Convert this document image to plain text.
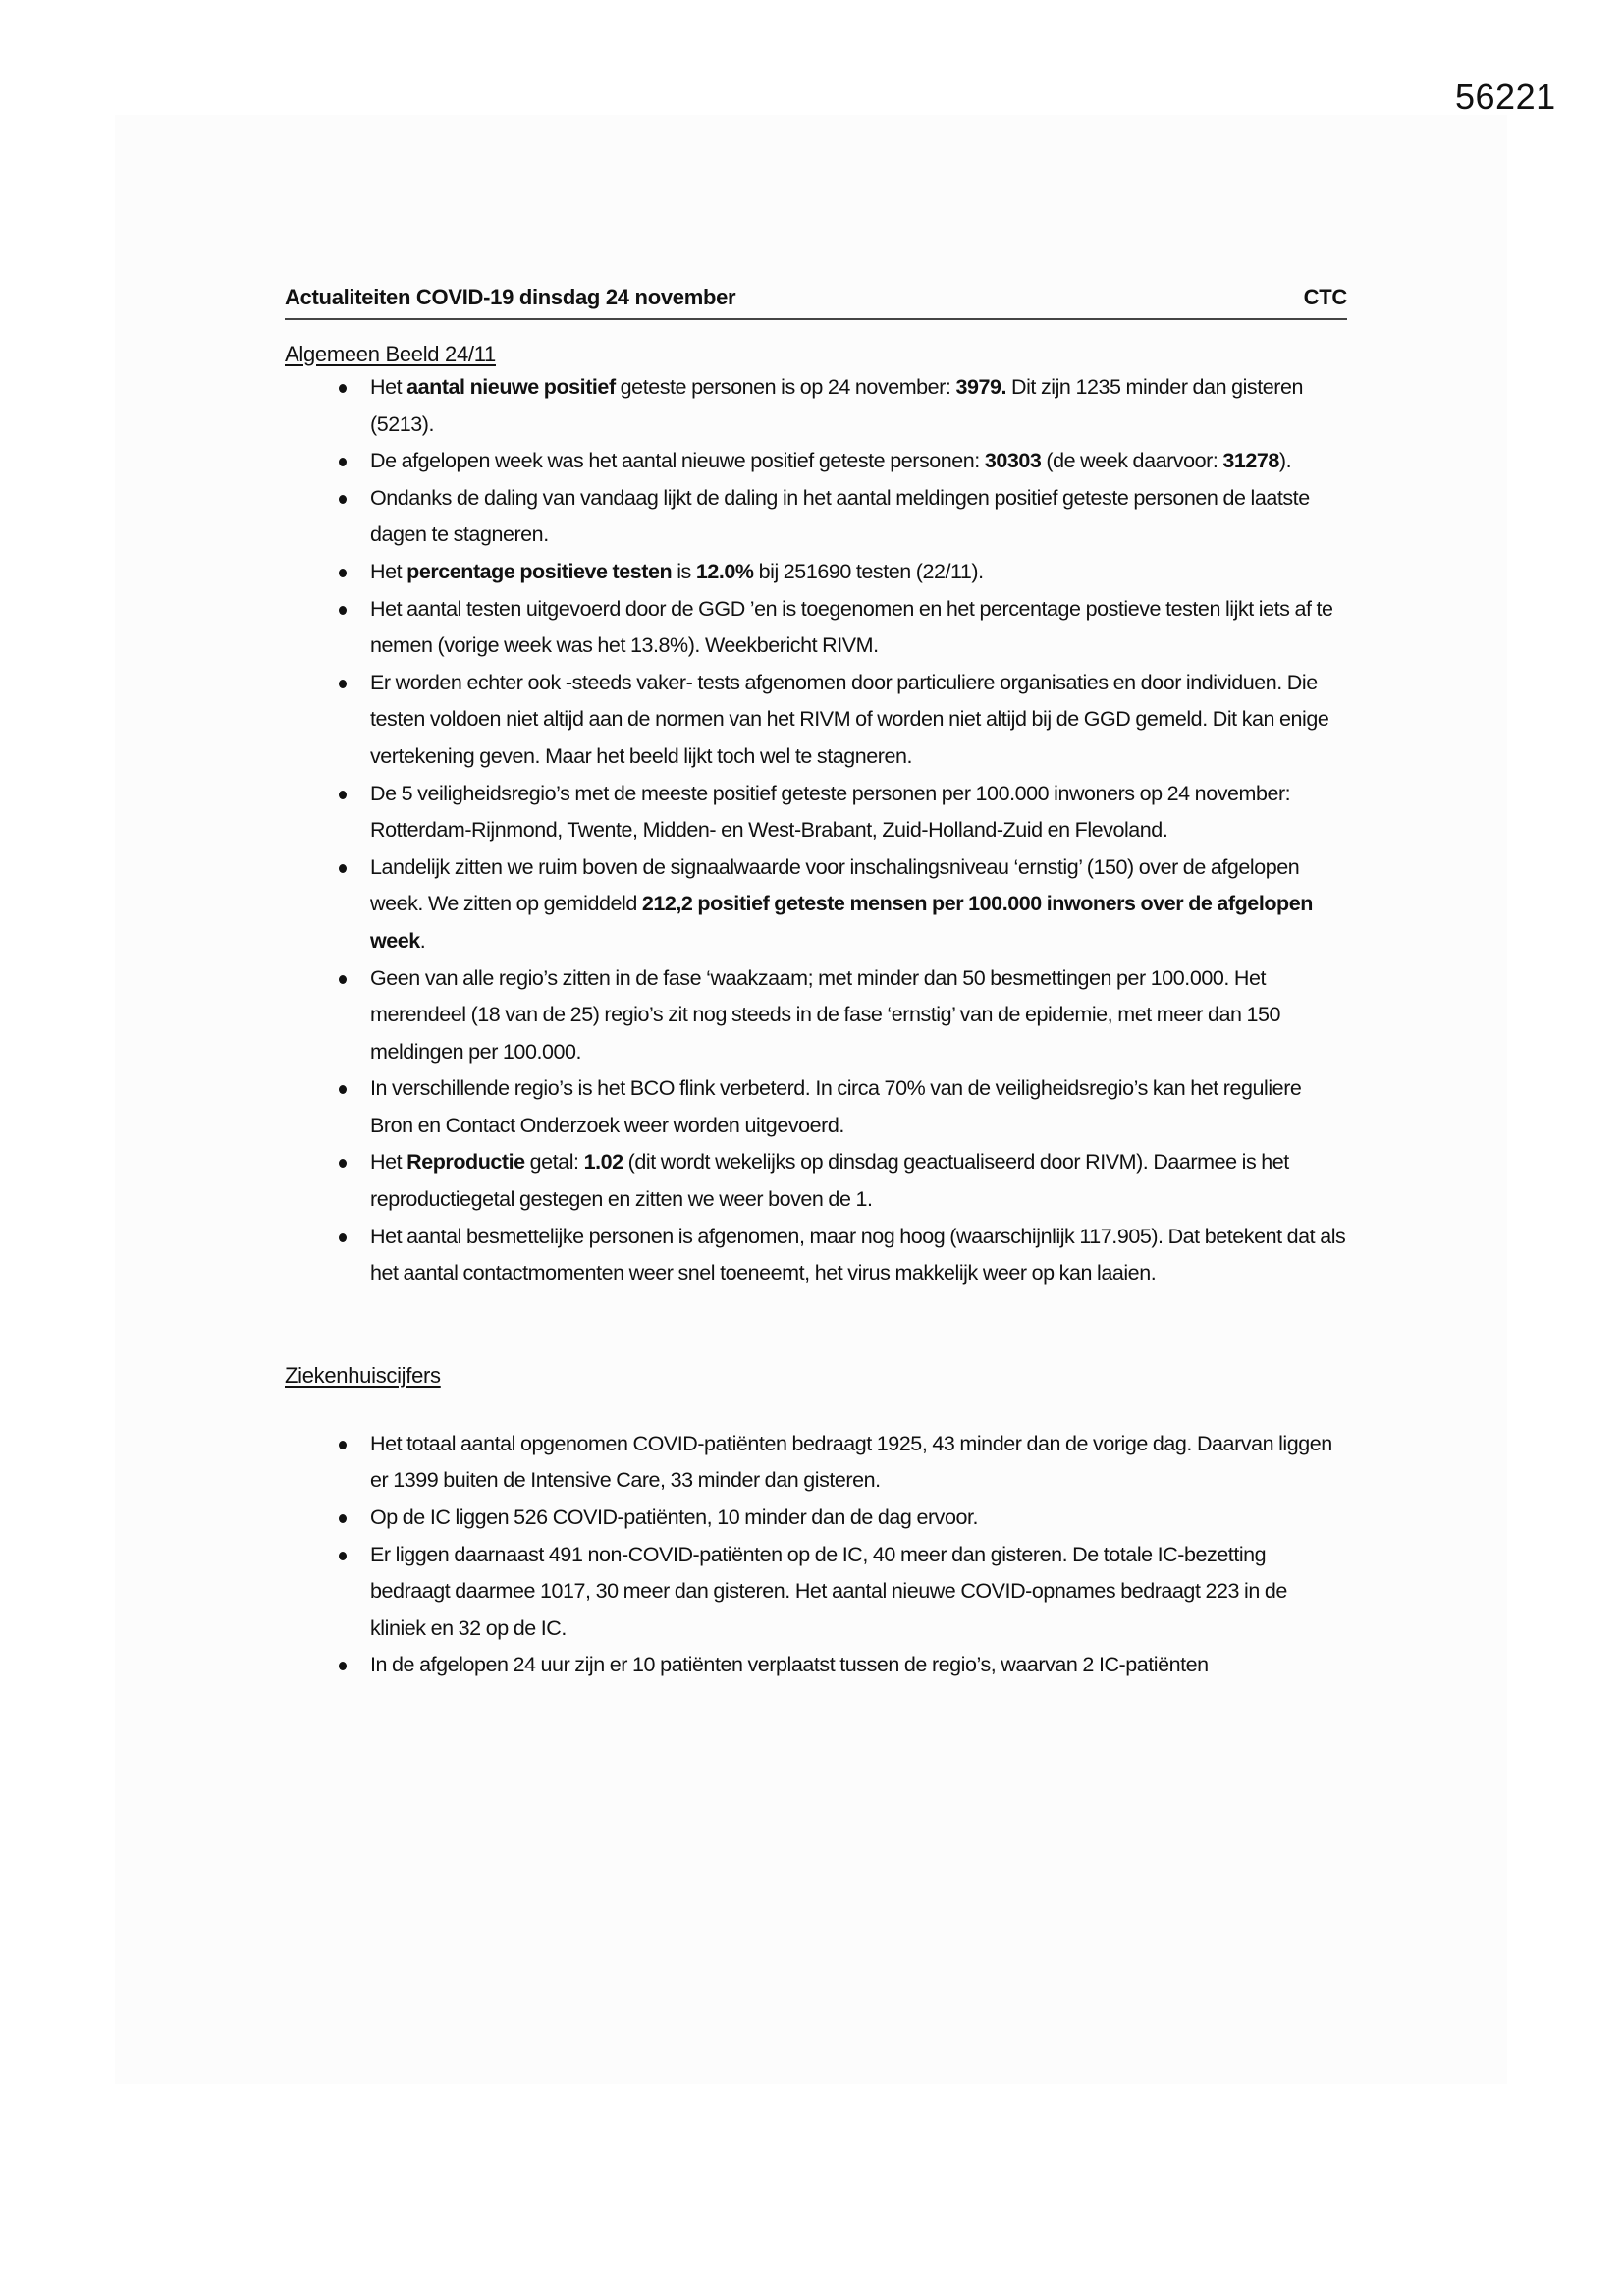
56221
Actualiteiten COVID-19 dinsdag 24 november	CTC
Algemeen Beeld 24/11
Het aantal nieuwe positief geteste personen is op 24 november: 3979. Dit zijn 1235 minder dan gisteren (5213).
De afgelopen week was het aantal nieuwe positief geteste personen: 30303 (de week daarvoor: 31278).
Ondanks de daling van vandaag lijkt de daling in het aantal meldingen positief geteste personen de laatste dagen te stagneren.
Het percentage positieve testen is 12.0% bij 251690 testen (22/11).
Het aantal testen uitgevoerd door de GGD ’en is toegenomen en het percentage postieve testen lijkt iets af te nemen (vorige week was het 13.8%). Weekbericht RIVM.
Er worden echter ook -steeds vaker- tests afgenomen door particuliere organisaties en door individuen. Die testen voldoen niet altijd aan de normen van het RIVM of worden niet altijd bij de GGD gemeld. Dit kan enige vertekening geven. Maar het beeld lijkt toch wel te stagneren.
De 5 veiligheidsregio’s met de meeste positief geteste personen per 100.000 inwoners op 24 november: Rotterdam-Rijnmond, Twente, Midden- en West-Brabant, Zuid-Holland-Zuid en Flevoland.
Landelijk zitten we ruim boven de signaalwaarde voor inschalingsniveau ‘ernstig’ (150) over de afgelopen week. We zitten op gemiddeld 212,2 positief geteste mensen per 100.000 inwoners over de afgelopen week.
Geen van alle regio’s zitten in de fase ‘waakzaam; met minder dan 50 besmettingen per 100.000. Het merendeel (18 van de 25) regio’s zit nog steeds in de fase ‘ernstig’ van de epidemie, met meer dan 150 meldingen per 100.000.
In verschillende regio’s is het BCO flink verbeterd. In circa 70% van de veiligheidsregio’s kan het reguliere Bron en Contact Onderzoek weer worden uitgevoerd.
Het Reproductie getal: 1.02 (dit wordt wekelijks op dinsdag geactualiseerd door RIVM). Daarmee is het reproductiegetal gestegen en zitten we weer boven de 1.
Het aantal besmettelijke personen is afgenomen, maar nog hoog (waarschijnlijk 117.905). Dat betekent dat als het aantal contactmomenten weer snel toeneemt, het virus makkelijk weer op kan laaien.
Ziekenhuiscijfers
Het totaal aantal opgenomen COVID-patiënten bedraagt 1925, 43 minder dan de vorige dag. Daarvan liggen er 1399 buiten de Intensive Care, 33 minder dan gisteren.
Op de IC liggen 526 COVID-patiënten, 10 minder dan de dag ervoor.
Er liggen daarnaast 491 non-COVID-patiënten op de IC, 40 meer dan gisteren. De totale IC-bezetting bedraagt daarmee 1017, 30 meer dan gisteren. Het aantal nieuwe COVID-opnames bedraagt 223 in de kliniek en 32 op de IC.
In de afgelopen 24 uur zijn er 10 patiënten verplaatst tussen de regio’s, waarvan 2 IC-patiënten
